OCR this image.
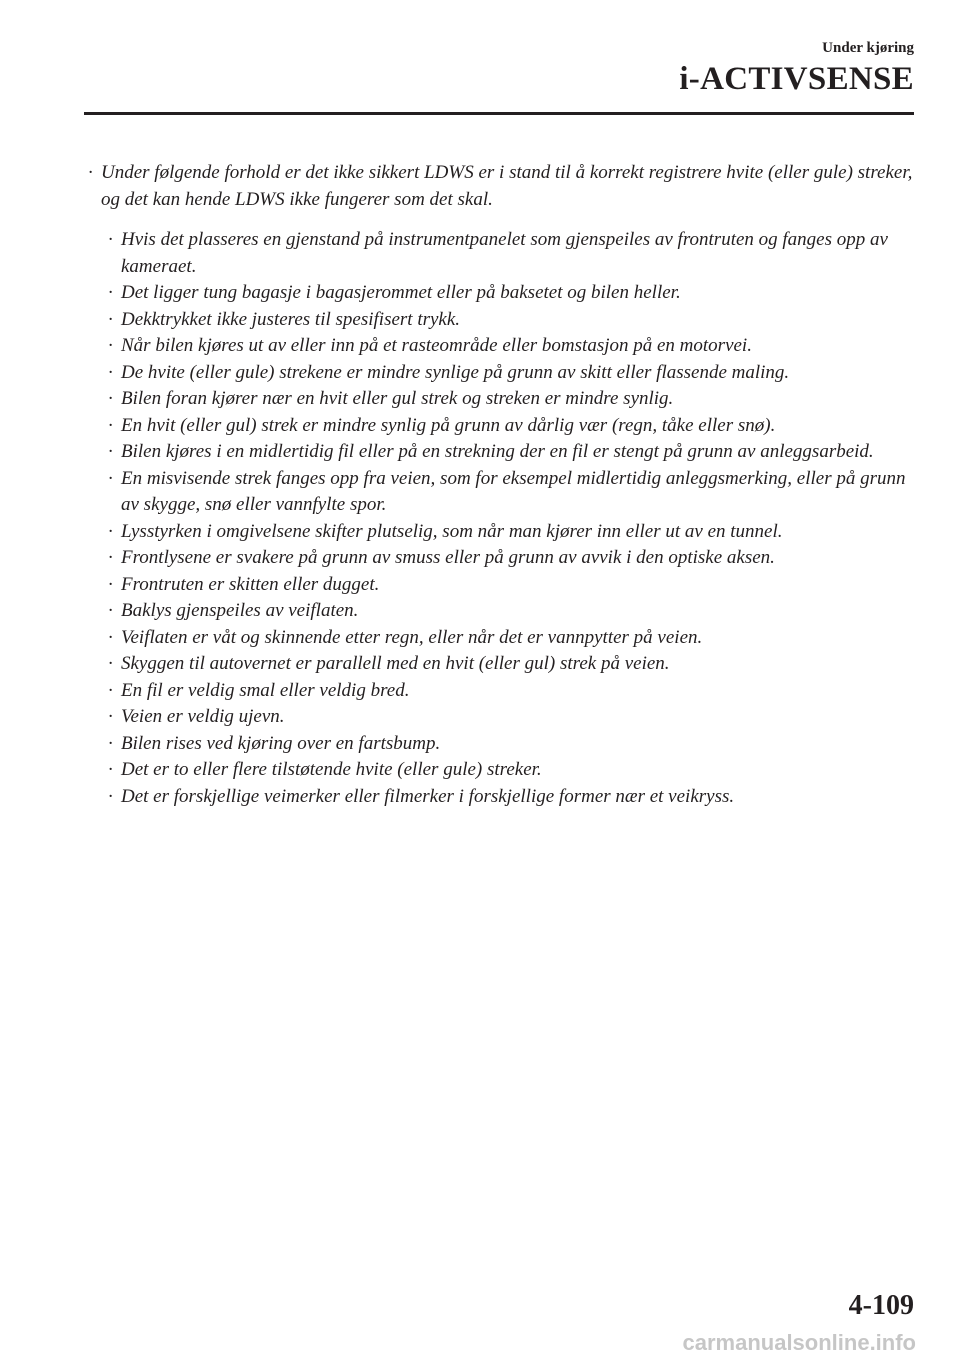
Under kjøring
i-ACTIVSENSE

· Under følgende forhold er det ikke sikkert LDWS er i stand til å korrekt registrere hvite (eller gule) streker, og det kan hende LDWS ikke fungerer som det skal.

· Hvis det plasseres en gjenstand på instrumentpanelet som gjenspeiles av frontruten og fanges opp av kameraet.
· Det ligger tung bagasje i bagasjerommet eller på baksetet og bilen heller.
· Dekktrykket ikke justeres til spesifisert trykk.
· Når bilen kjøres ut av eller inn på et rasteområde eller bomstasjon på en motorvei.
· De hvite (eller gule) strekene er mindre synlige på grunn av skitt eller flassende maling.
· Bilen foran kjører nær en hvit eller gul strek og streken er mindre synlig.
· En hvit (eller gul) strek er mindre synlig på grunn av dårlig vær (regn, tåke eller snø).
· Bilen kjøres i en midlertidig fil eller på en strekning der en fil er stengt på grunn av anleggsarbeid.
· En misvisende strek fanges opp fra veien, som for eksempel midlertidig anleggsmerking, eller på grunn av skygge, snø eller vannfylte spor.
· Lysstyrken i omgivelsene skifter plutselig, som når man kjører inn eller ut av en tunnel.
· Frontlysene er svakere på grunn av smuss eller på grunn av avvik i den optiske aksen.
· Frontruten er skitten eller dugget.
· Baklys gjenspeiles av veiflaten.
· Veiflaten er våt og skinnende etter regn, eller når det er vannpytter på veien.
· Skyggen til autovernet er parallell med en hvit (eller gul) strek på veien.
· En fil er veldig smal eller veldig bred.
· Veien er veldig ujevn.
· Bilen rises ved kjøring over en fartsbump.
· Det er to eller flere tilstøtende hvite (eller gule) streker.
· Det er forskjellige veimerker eller filmerker i forskjellige former nær et veikryss.
4-109
carmanualsonline.info
